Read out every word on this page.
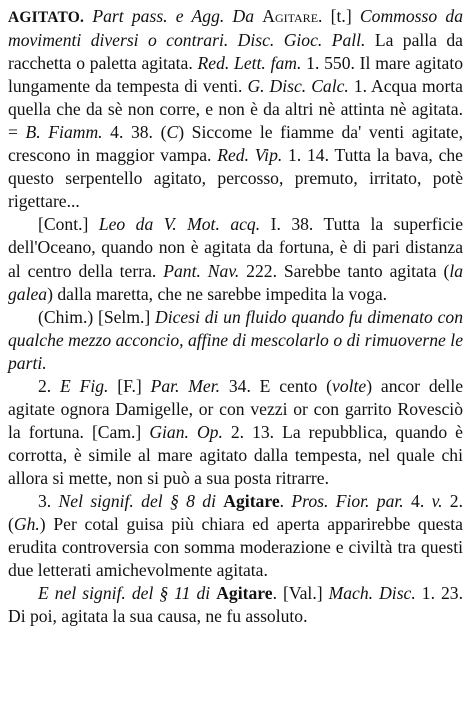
AGITATO. Part pass. e Agg. Da Agitare. [t.] Commosso da movimenti diversi o contrari. Disc. Gioc. Pall. La palla da racchetta o paletta agitata. Red. Lett. fam. 1. 550. Il mare agitato lungamente da tempesta di venti. G. Disc. Calc. 1. Acqua morta quella che da sè non corre, e non è da altri nè attinta nè agitata. = B. Fiamm. 4. 38. (C) Siccome le fiamme da' venti agitate, crescono in maggior vampa. Red. Vip. 1. 14. Tutta la bava, che questo serpentello agitato, percosso, premuto, irritato, potè rigettare...

[Cont.] Leo da V. Mot. acq. I. 38. Tutta la superficie dell'Oceano, quando non è agitata da fortuna, è di pari distanza al centro della terra. Pant. Nav. 222. Sarebbe tanto agitata (la galea) dalla maretta, che ne sarebbe impedita la voga.

(Chim.) [Selm.] Dicesi di un fluido quando fu dimenato con qualche mezzo acconcio, affine di mescolarlo o di rimuoverne le parti.

2. E Fig. [F.] Par. Mer. 34. E cento (volte) ancor delle agitate ognora Damigelle, or con vezzi or con garrito Rovesciò la fortuna. [Cam.] Gian. Op. 2. 13. La repubblica, quando è corrotta, è simile al mare agitato dalla tempesta, nel quale chi allora si mette, non si può a sua posta ritrarre.

3. Nel signif. del § 8 di Agitare. Pros. Fior. par. 4. v. 2. (Gh.) Per cotal guisa più chiara ed aperta apparirebbe questa erudita controversia con somma moderazione e civiltà tra questi due letterati amichevolmente agitata.

E nel signif. del § 11 di Agitare. [Val.] Mach. Disc. 1. 23. Di poi, agitata la sua causa, ne fu assoluto.
